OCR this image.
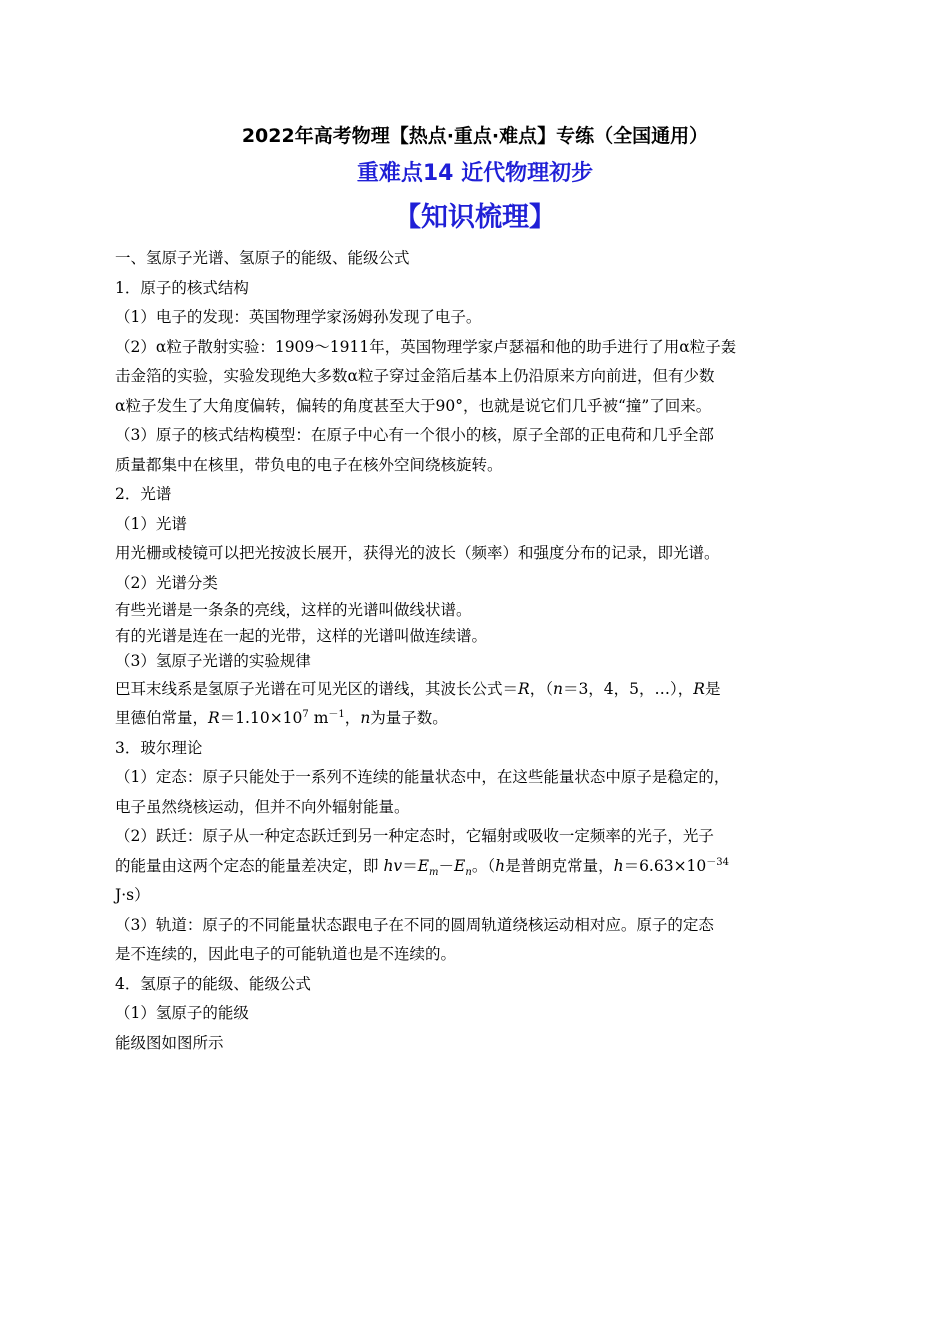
2022年高考物理【热点·重点·难点】专练（全国通用）
重难点14 近代物理初步
【知识梳理】
一、氢原子光谱、氢原子的能级、能级公式
1．原子的核式结构
（1）电子的发现：英国物理学家汤姆孙发现了电子。
（2）α粒子散射实验：1909～1911年，英国物理学家卢瑟福和他的助手进行了用α粒子轰
击金箔的实验，实验发现绝大多数α粒子穿过金箔后基本上仍沿原来方向前进，但有少数
α粒子发生了大角度偏转，偏转的角度甚至大于90°，也就是说它们几乎被“撞”了回来。
（3）原子的核式结构模型：在原子中心有一个很小的核，原子全部的正电荷和几乎全部
质量都集中在核里，带负电的电子在核外空间绕核旋转。
2．光谱
（1）光谱
用光栅或棱镜可以把光按波长展开，获得光的波长（频率）和强度分布的记录，即光谱。
（2）光谱分类
有些光谱是一条条的亮线，这样的光谱叫做线状谱。
有的光谱是连在一起的光带，这样的光谱叫做连续谱。
（3）氢原子光谱的实验规律
巴耳末线系是氢原子光谱在可见光区的谱线，其波长公式＝R，（n＝3，4，5，…），R是
里德伯常量，$R=1.10\times 10^7$ $m^{-1}$，n为量子数。
3．玻尔理论
（1）定态：原子只能处于一系列不连续的能量状态中，在这些能量状态中原子是稳定的，
电子虽然绕核运动，但并不向外辐射能量。
（2）跃迁：原子从一种定态跃迁到另一种定态时，它辐射或吸收一定频率的光子，光子
的能量由这两个定态的能量差决定，即 $hv=E_m-E_n$。（h是普朗克常量，$h=6.63\times 10^{-34}$
J·s）
（3）轨道：原子的不同能量状态跟电子在不同的圆周轨道绕核运动相对应。原子的定态
是不连续的，因此电子的可能轨道也是不连续的。
4．氢原子的能级、能级公式
（1）氢原子的能级
能级图如图所示
